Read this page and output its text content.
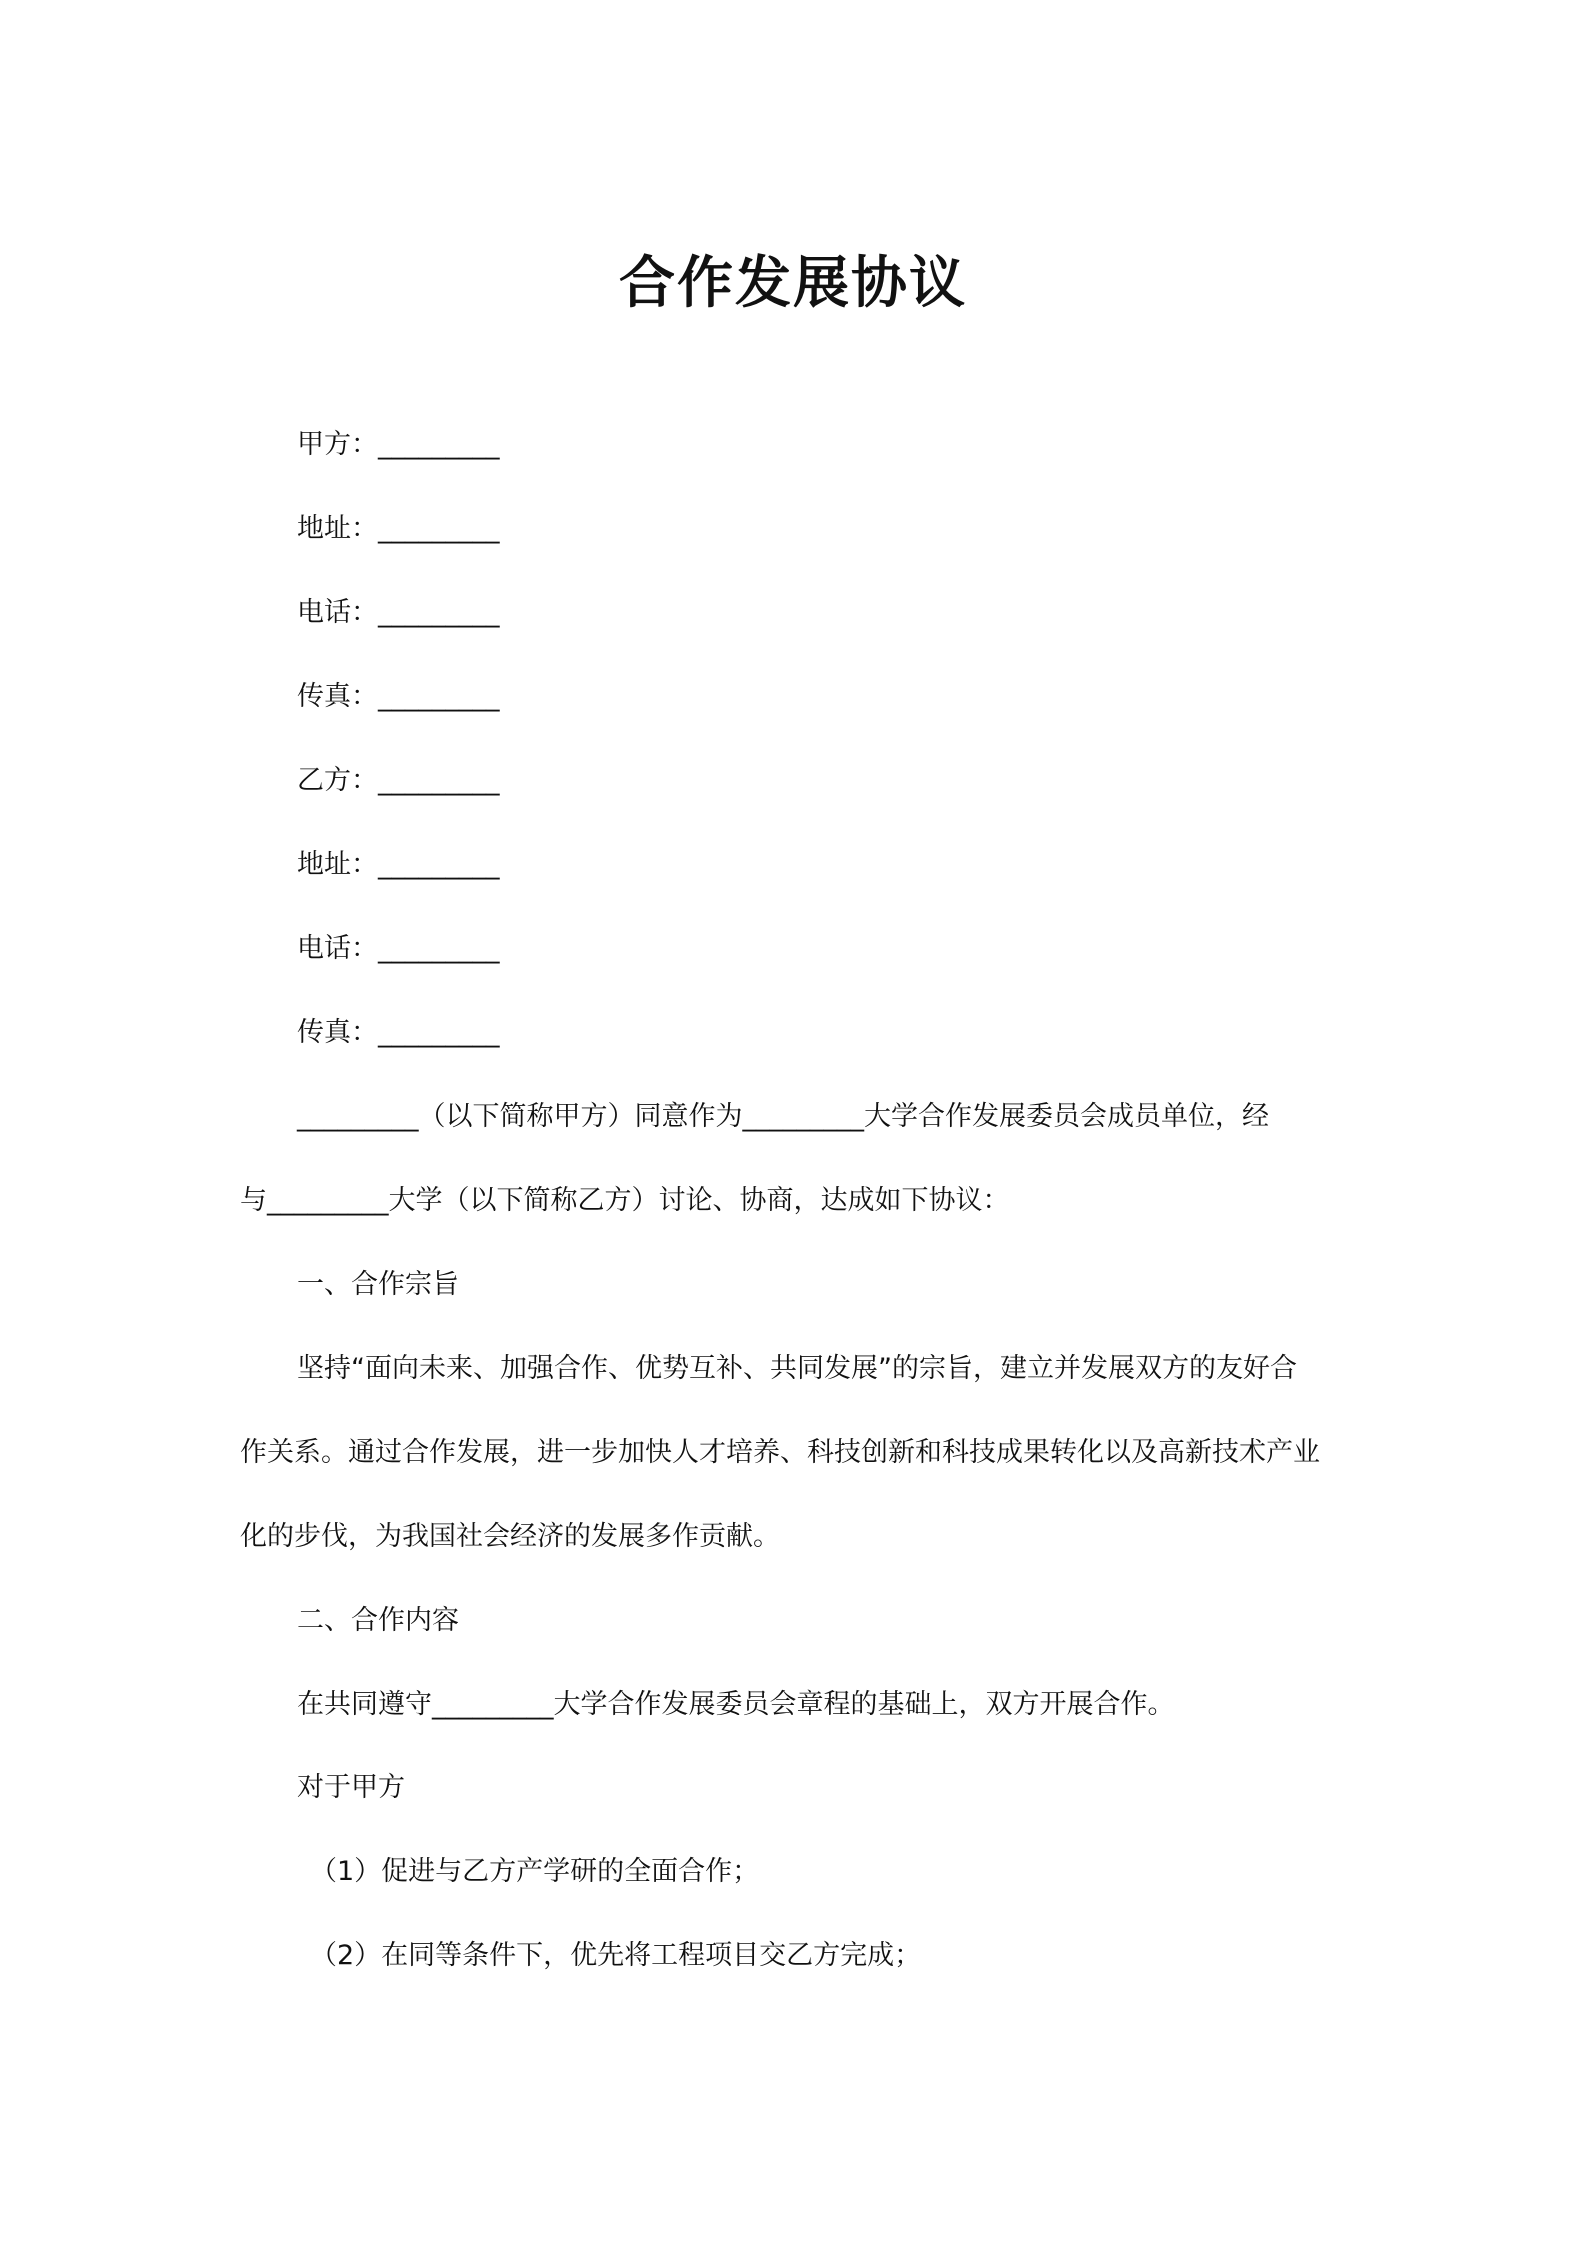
合作发展协议
甲方：_________
地址：_________
电话：_________
传真：_________
乙方：_________
地址：_________
电话：_________
传真：_________
_________（以下简称甲方）同意作为_________大学合作发展委员会成员单位，经
与_________大学（以下简称乙方）讨论、协商，达成如下协议：
一、合作宗旨
坚持“面向未来、加强合作、优势互补、共同发展”的宗旨，建立并发展双方的友好合
作关系。通过合作发展，进一步加快人才培养、科技创新和科技成果转化以及高新技术产业
化的步伐，为我国社会经济的发展多作贡献。
二、合作内容
在共同遵守_________大学合作发展委员会章程的基础上，双方开展合作。
对于甲方
（1）促进与乙方产学研的全面合作；
（2）在同等条件下，优先将工程项目交乙方完成；
